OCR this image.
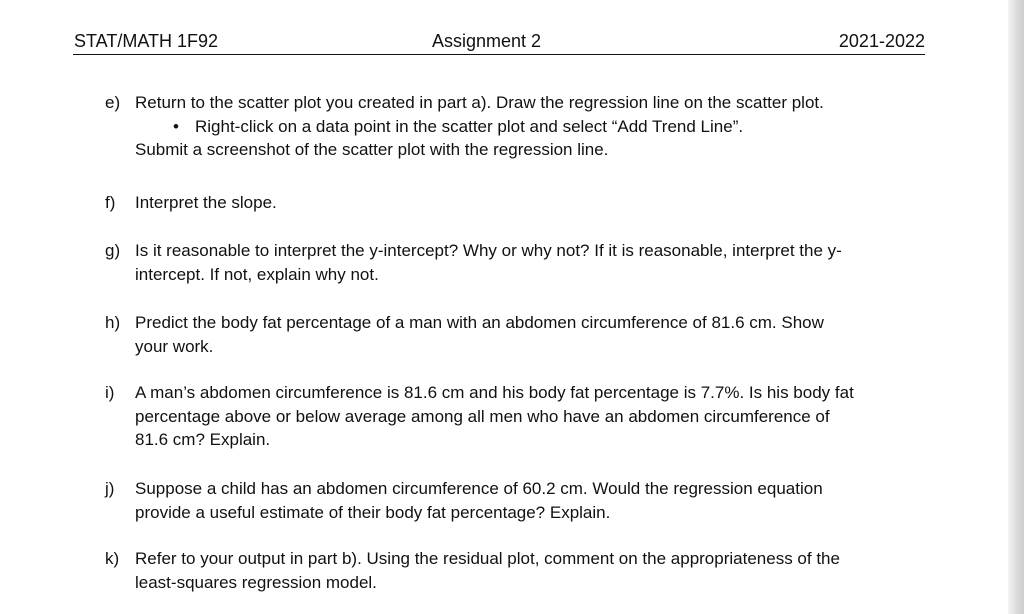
STAT/MATH 1F92	Assignment 2	2021-2022
e) Return to the scatter plot you created in part a). Draw the regression line on the scatter plot.
• Right-click on a data point in the scatter plot and select “Add Trend Line”.
Submit a screenshot of the scatter plot with the regression line.
f) Interpret the slope.
g) Is it reasonable to interpret the y-intercept? Why or why not? If it is reasonable, interpret the y-
intercept. If not, explain why not.
h) Predict the body fat percentage of a man with an abdomen circumference of 81.6 cm. Show
your work.
i) A man’s abdomen circumference is 81.6 cm and his body fat percentage is 7.7%. Is his body fat
percentage above or below average among all men who have an abdomen circumference of
81.6 cm? Explain.
j) Suppose a child has an abdomen circumference of 60.2 cm. Would the regression equation
provide a useful estimate of their body fat percentage? Explain.
k) Refer to your output in part b). Using the residual plot, comment on the appropriateness of the
least-squares regression model.
